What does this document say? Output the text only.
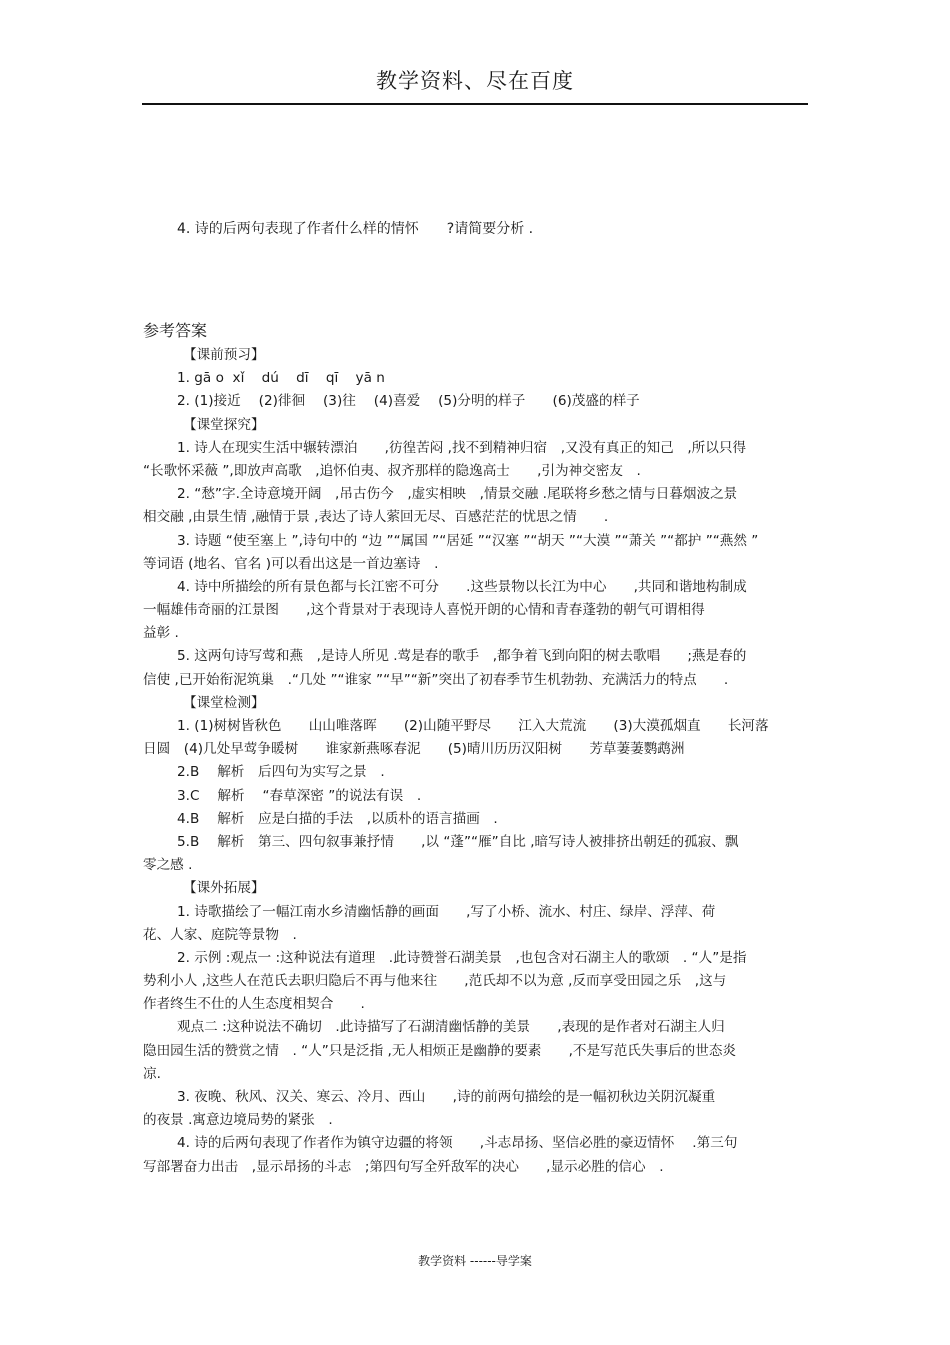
教学资料、尽在百度
4. 诗的后两句表现了作者什么样的情怀　　?请简要分析 .
参考答案
【课前预习】
1. gā o  xǐ    dú    dī    qī    yā n
2. (1)接近　 (2)徘徊　 (3)往　 (4)喜爱　 (5)分明的样子　　(6)茂盛的样子
【课堂探究】
1. 诗人在现实生活中辗转漂泊　　,彷徨苦闷 ,找不到精神归宿　,又没有真正的知己　,所以只得
“长歌怀采薇 ”,即放声高歌　,追怀伯夷、叔齐那样的隐逸高士　　,引为神交密友　.
2. “愁”字.全诗意境开阔　,吊古伤今　,虚实相映　,情景交融 .尾联将乡愁之情与日暮烟波之景
相交融 ,由景生情 ,融情于景 ,表达了诗人萦回无尽、百感茫茫的忧思之情　　.
3. 诗题 “使至塞上 ”,诗句中的 “边 ”“属国 ”“居延 ”“汉塞 ”“胡天 ”“大漠 ”“萧关 ”“都护 ”“燕然 ”
等词语 (地名、官名 )可以看出这是一首边塞诗　.
4. 诗中所描绘的所有景色都与长江密不可分　　.这些景物以长江为中心　　,共同和谐地构制成
一幅雄伟奇丽的江景图　　,这个背景对于表现诗人喜悦开朗的心情和青春蓬勃的朝气可谓相得
益彰 .
5. 这两句诗写莺和燕　,是诗人所见 .莺是春的歌手　,都争着飞到向阳的树去歌唱　　;燕是春的
信使 ,已开始衔泥筑巢　.“几处 ”“谁家 ”“早”“新”突出了初春季节生机勃勃、充满活力的特点　　.
【课堂检测】
1. (1)树树皆秋色　　山山唯落晖　　(2)山随平野尽　　江入大荒流　　(3)大漠孤烟直　　长河落
日圆　(4)几处早莺争暖树　　谁家新燕啄春泥　　(5)晴川历历汉阳树　　芳草萋萋鹦鹉洲
2.B　 解析　后四句为实写之景　.
3.C　 解析　 “春草深密 ”的说法有误　.
4.B　 解析　应是白描的手法　,以质朴的语言描画　.
5.B　 解析　第三、四句叙事兼抒情　　,以 “蓬”“雁”自比 ,暗写诗人被排挤出朝廷的孤寂、飘
零之感 .
【课外拓展】
1. 诗歌描绘了一幅江南水乡清幽恬静的画面　　,写了小桥、流水、村庄、绿岸、浮萍、荷
花、人家、庭院等景物　.
2. 示例 :观点一 :这种说法有道理　.此诗赞誉石湖美景　,也包含对石湖主人的歌颂　. “人”是指
势利小人 ,这些人在范氏去职归隐后不再与他来往　　,范氏却不以为意 ,反而享受田园之乐　,这与
作者终生不仕的人生态度相契合　　.
观点二 :这种说法不确切　.此诗描写了石湖清幽恬静的美景　　,表现的是作者对石湖主人归
隐田园生活的赞赏之情　. “人”只是泛指 ,无人相烦正是幽静的要素　　,不是写范氏失事后的世态炎
凉.
3. 夜晚、秋风、汉关、寒云、冷月、西山　　,诗的前两句描绘的是一幅初秋边关阴沉凝重
的夜景 .寓意边境局势的紧张　.
4. 诗的后两句表现了作者作为镇守边疆的将领　　,斗志昂扬、坚信必胜的豪迈情怀　 .第三句
写部署奋力出击　,显示昂扬的斗志　;第四句写全歼敌军的决心　　,显示必胜的信心　.
教学资料 ------导学案
